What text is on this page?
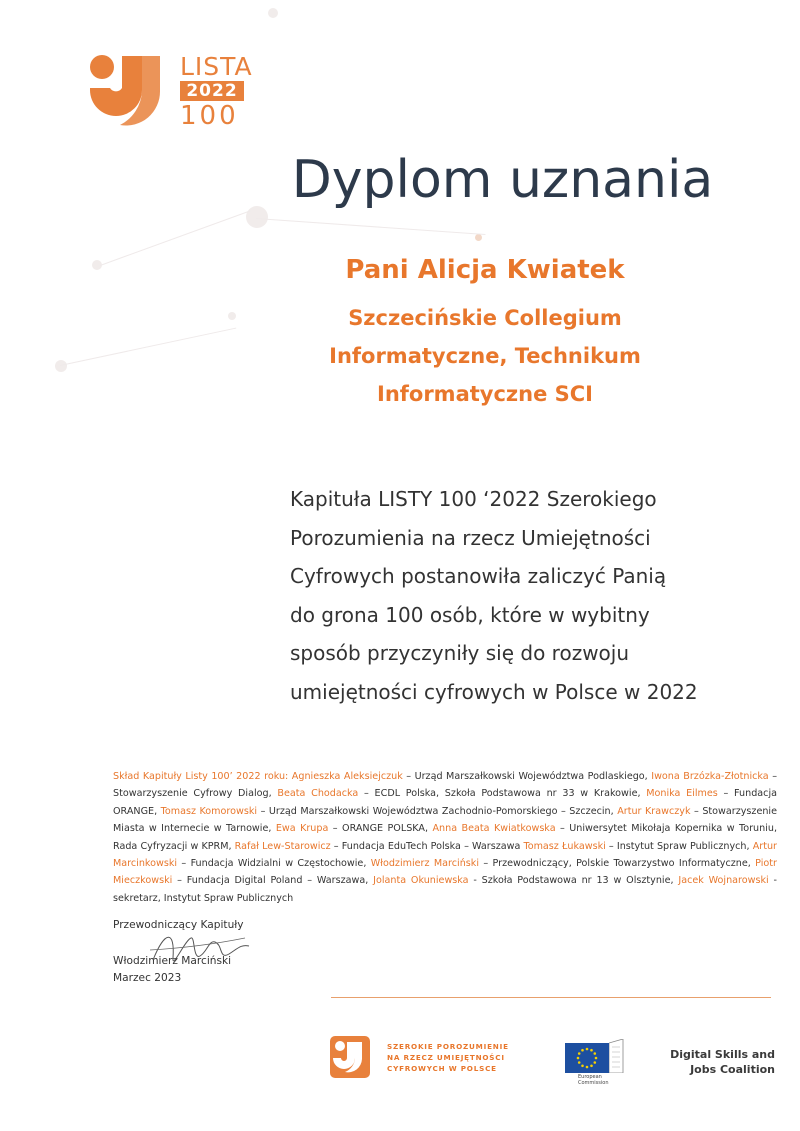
LISTA
2022
100
Dyplom uznania
Pani Alicja Kwiatek
Szczecińskie Collegium
Informatyczne, Technikum
Informatyczne SCI
Kapituła LISTY 100 ‘2022 Szerokiego
Porozumienia na rzecz Umiejętności
Cyfrowych postanowiła zaliczyć Panią
do grona 100 osób, które w wybitny
sposób przyczyniły się do rozwoju
umiejętności cyfrowych w Polsce w 2022
Skład Kapituły Listy 100’ 2022 roku: Agnieszka Aleksiejczuk – Urząd Marszałkowski Województwa Podlaskiego, Iwona Brzózka-Złotnicka – Stowarzyszenie Cyfrowy Dialog, Beata Chodacka – ECDL Polska, Szkoła Podstawowa nr 33 w Krakowie, Monika Eilmes – Fundacja ORANGE, Tomasz Komorowski – Urząd Marszałkowski Województwa Zachodnio-Pomorskiego – Szczecin, Artur Krawczyk – Stowarzyszenie Miasta w Internecie w Tarnowie, Ewa Krupa – ORANGE POLSKA, Anna Beata Kwiatkowska – Uniwersytet Mikołaja Kopernika w Toruniu, Rada Cyfryzacji w KPRM, Rafał Lew-Starowicz – Fundacja EduTech Polska – Warszawa Tomasz Łukawski – Instytut Spraw Publicznych, Artur Marcinkowski – Fundacja Widzialni w Częstochowie, Włodzimierz Marciński – Przewodniczący, Polskie Towarzystwo Informatyczne, Piotr Mieczkowski – Fundacja Digital Poland – Warszawa, Jolanta Okuniewska - Szkoła Podstawowa nr 13 w Olsztynie, Jacek Wojnarowski - sekretarz, Instytut Spraw Publicznych
Przewodniczący Kapituły
Włodzimierz Marciński
Marzec 2023
SZEROKIE POROZUMIENIE
NA RZECZ UMIEJĘTNOŚCI
CYFROWYCH W POLSCE
European
Commission
Digital Skills and
Jobs Coalition
